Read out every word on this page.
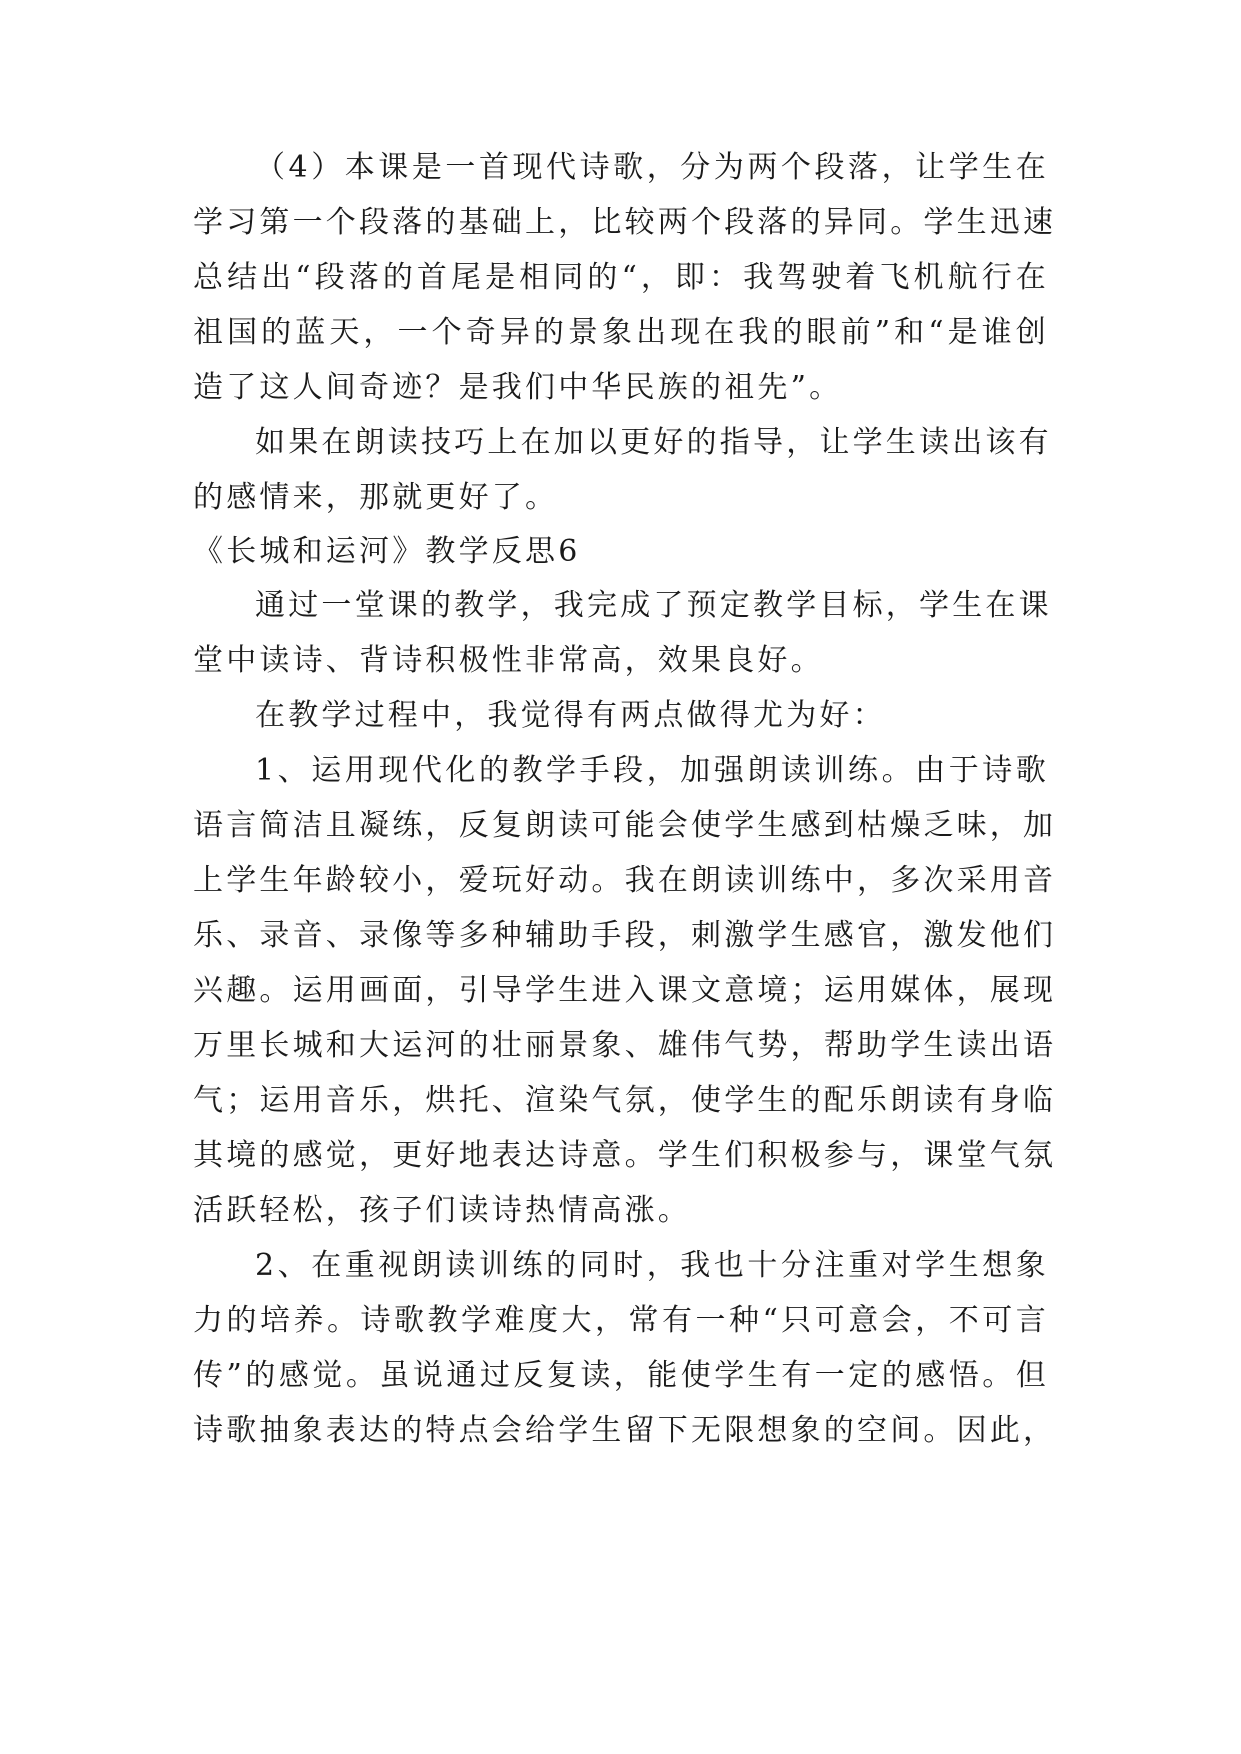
（4）本课是一首现代诗歌，分为两个段落，让学生在
学习第一个段落的基础上，比较两个段落的异同。学生迅速
总结出“段落的首尾是相同的“，即：我驾驶着飞机航行在
祖国的蓝天，一个奇异的景象出现在我的眼前”和“是谁创
造了这人间奇迹？是我们中华民族的祖先”。
如果在朗读技巧上在加以更好的指导，让学生读出该有
的感情来，那就更好了。
《长城和运河》教学反思6
通过一堂课的教学，我完成了预定教学目标，学生在课
堂中读诗、背诗积极性非常高，效果良好。
在教学过程中，我觉得有两点做得尤为好：
1、运用现代化的教学手段，加强朗读训练。由于诗歌
语言简洁且凝练，反复朗读可能会使学生感到枯燥乏味，加
上学生年龄较小，爱玩好动。我在朗读训练中，多次采用音
乐、录音、录像等多种辅助手段，刺激学生感官，激发他们
兴趣。运用画面，引导学生进入课文意境；运用媒体，展现
万里长城和大运河的壮丽景象、雄伟气势，帮助学生读出语
气；运用音乐，烘托、渲染气氛，使学生的配乐朗读有身临
其境的感觉，更好地表达诗意。学生们积极参与，课堂气氛
活跃轻松，孩子们读诗热情高涨。
2、在重视朗读训练的同时，我也十分注重对学生想象
力的培养。诗歌教学难度大，常有一种“只可意会，不可言
传”的感觉。虽说通过反复读，能使学生有一定的感悟。但
诗歌抽象表达的特点会给学生留下无限想象的空间。因此，
